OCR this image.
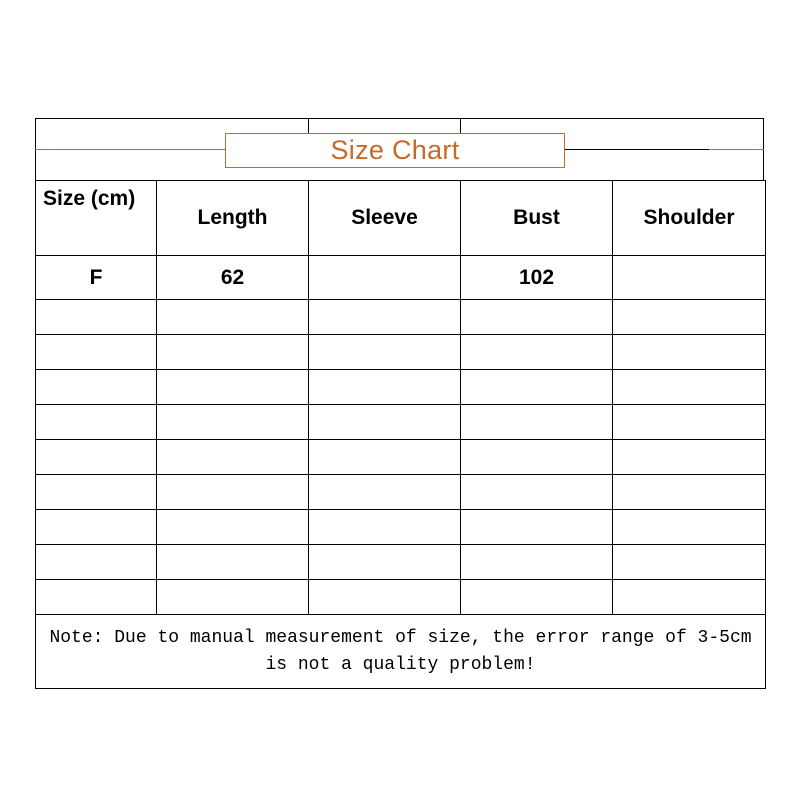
Size Chart
Size (cm)	Length	Sleeve	Bust	Shoulder
F	62		102	

Note: Due to manual measurement of size, the error range of 3-5cm is not a quality problem!				
